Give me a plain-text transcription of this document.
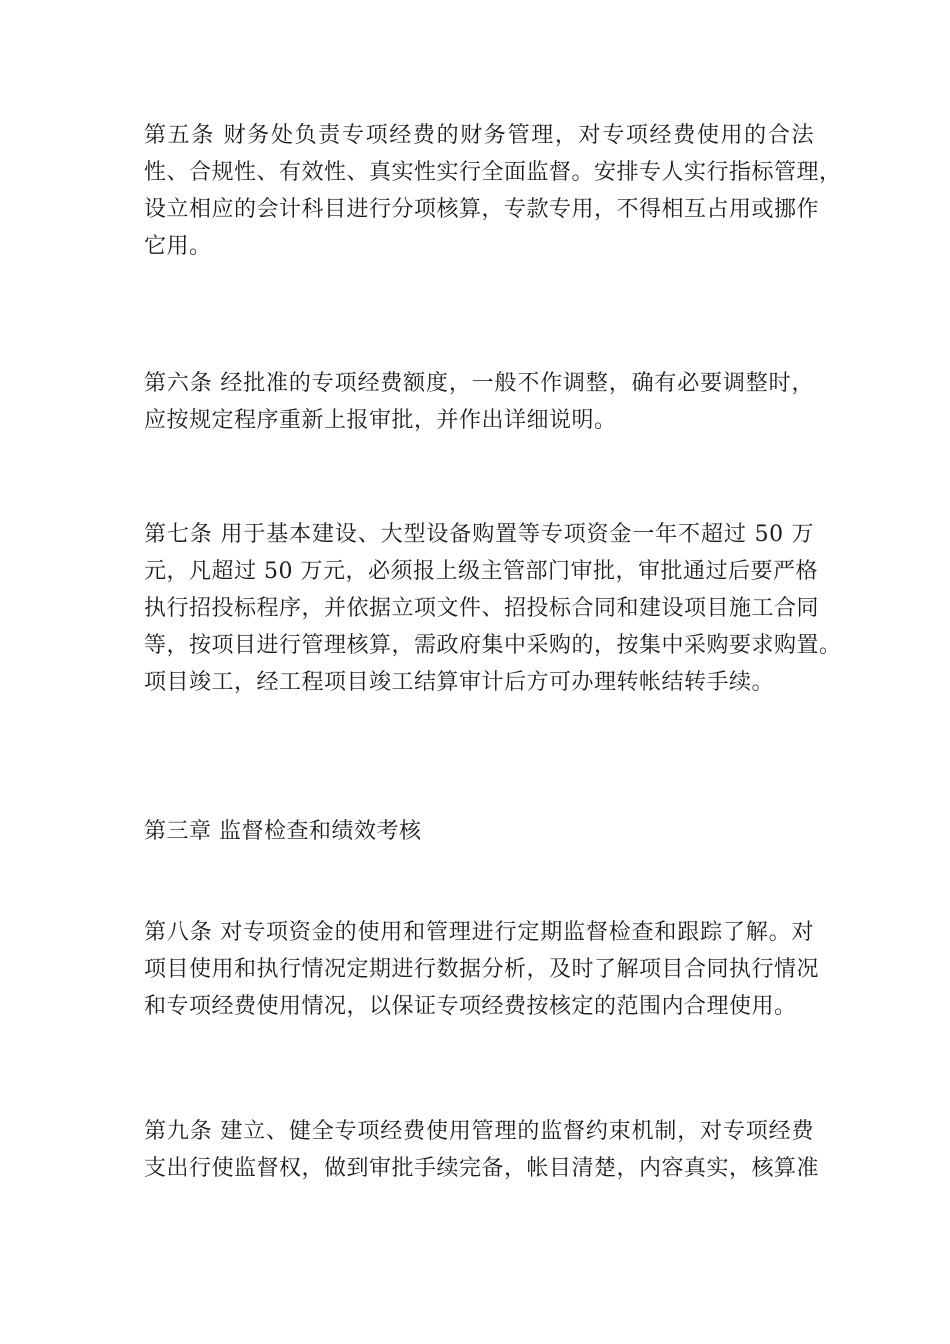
第五条 财务处负责专项经费的财务管理，对专项经费使用的合法
性、合规性、有效性、真实性实行全面监督。安排专人实行指标管理，
设立相应的会计科目进行分项核算，专款专用，不得相互占用或挪作
它用。
第六条 经批准的专项经费额度，一般不作调整，确有必要调整时，
应按规定程序重新上报审批，并作出详细说明。
第七条 用于基本建设、大型设备购置等专项资金一年不超过 50 万
元，凡超过 50 万元，必须报上级主管部门审批，审批通过后要严格
执行招投标程序，并依据立项文件、招投标合同和建设项目施工合同
等，按项目进行管理核算，需政府集中采购的，按集中采购要求购置。
项目竣工，经工程项目竣工结算审计后方可办理转帐结转手续。
第三章 监督检查和绩效考核
第八条 对专项资金的使用和管理进行定期监督检查和跟踪了解。对
项目使用和执行情况定期进行数据分析，及时了解项目合同执行情况
和专项经费使用情况，以保证专项经费按核定的范围内合理使用。
第九条 建立、健全专项经费使用管理的监督约束机制，对专项经费
支出行使监督权，做到审批手续完备，帐目清楚，内容真实，核算准
